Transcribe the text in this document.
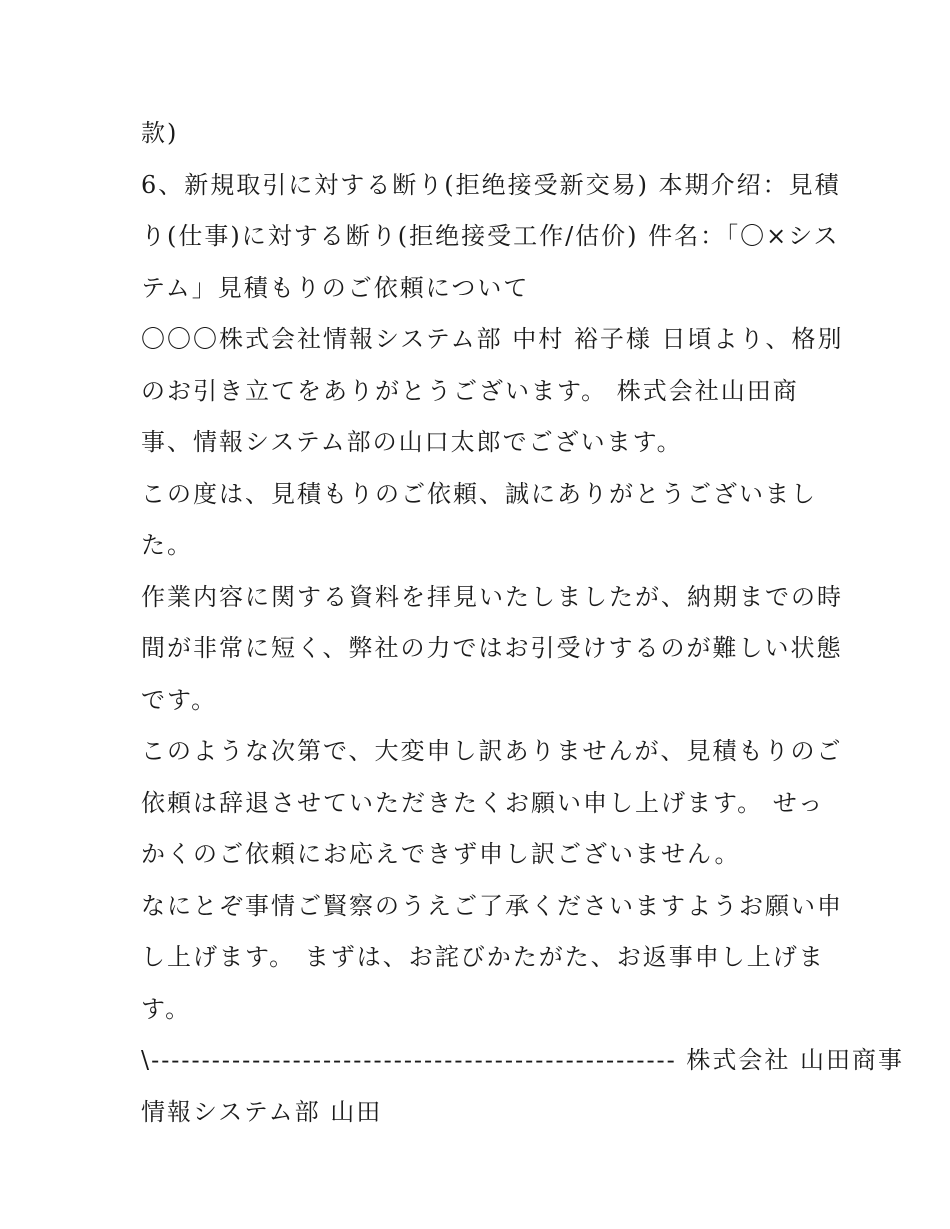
款)
6、新規取引に対する断り(拒绝接受新交易) 本期介绍：見積
り(仕事)に対する断り(拒绝接受工作/估价) 件名：「〇×シス
テム」見積もりのご依頼について
〇〇〇株式会社情報システム部 中村 裕子様 日頃より、格別
のお引き立てをありがとうございます。 株式会社山田商
事、情報システム部の山口太郎でございます。
この度は、見積もりのご依頼、誠にありがとうございまし
た。
作業内容に関する資料を拝見いたしましたが、納期までの時
間が非常に短く、弊社の力ではお引受けするのが難しい状態
です。
このような次第で、大変申し訳ありませんが、見積もりのご
依頼は辞退させていただきたくお願い申し上げます。 せっ
かくのご依頼にお応えできず申し訳ございません。
なにとぞ事情ご賢察のうえご了承くださいますようお願い申
し上げます。 まずは、お詫びかたがた、お返事申し上げま
す。
\---------------------------------------------------- 株式会社 山田商事
情報システム部 山田
